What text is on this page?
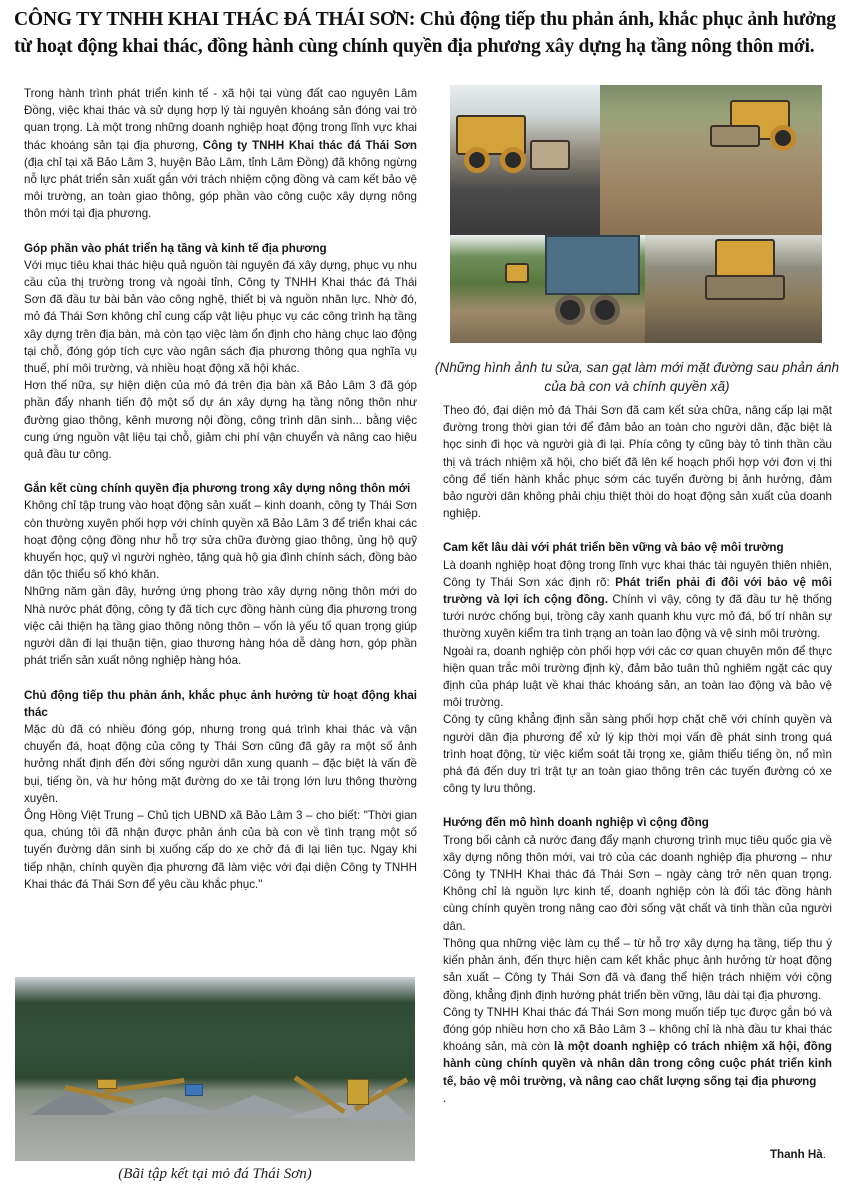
CÔNG TY TNHH KHAI THÁC ĐÁ THÁI SƠN: Chủ động tiếp thu phản ánh, khắc phục ảnh hưởng từ hoạt động khai thác, đồng hành cùng chính quyền địa phương xây dựng hạ tầng nông thôn mới.

Trong hành trình phát triển kinh tế - xã hội tại vùng đất cao nguyên Lâm Đồng, việc khai thác và sử dụng hợp lý tài nguyên khoáng sản đóng vai trò quan trọng. Là một trong những doanh nghiệp hoạt động trong lĩnh vực khai thác khoáng sản tại địa phương, Công ty TNHH Khai thác đá Thái Sơn (địa chỉ tại xã Bảo Lâm 3, huyện Bảo Lâm, tỉnh Lâm Đồng) đã không ngừng nỗ lực phát triển sản xuất gắn với trách nhiệm cộng đồng và cam kết bảo vệ môi trường, an toàn giao thông, góp phần vào công cuộc xây dựng nông thôn mới tại địa phương.

Góp phần vào phát triển hạ tầng và kinh tế địa phương

Với mục tiêu khai thác hiệu quả nguồn tài nguyên đá xây dựng, phục vụ nhu cầu của thị trường trong và ngoài tỉnh, Công ty TNHH Khai thác đá Thái Sơn đã đầu tư bài bản vào công nghệ, thiết bị và nguồn nhân lực. Nhờ đó, mỏ đá Thái Sơn không chỉ cung cấp vật liệu phục vụ các công trình hạ tầng xây dựng trên địa bàn, mà còn tạo việc làm ổn định cho hàng chục lao động tại chỗ, đóng góp tích cực vào ngân sách địa phương thông qua nghĩa vụ thuế, phí môi trường, và nhiều hoạt động xã hội khác.

Hơn thế nữa, sự hiện diện của mỏ đá trên địa bàn xã Bảo Lâm 3 đã góp phần đẩy nhanh tiến độ một số dự án xây dựng hạ tầng nông thôn như đường giao thông, kênh mương nội đồng, công trình dân sinh... bằng việc cung ứng nguồn vật liệu tại chỗ, giảm chi phí vận chuyển và nâng cao hiệu quả đầu tư công.

Gắn kết cùng chính quyền địa phương trong xây dựng nông thôn mới

Không chỉ tập trung vào hoạt động sản xuất – kinh doanh, công ty Thái Sơn còn thường xuyên phối hợp với chính quyền xã Bảo Lâm 3 để triển khai các hoạt động cộng đồng như hỗ trợ sửa chữa đường giao thông, ủng hộ quỹ khuyến học, quỹ vì người nghèo, tặng quà hộ gia đình chính sách, đồng bào dân tộc thiểu số khó khăn.

Những năm gần đây, hưởng ứng phong trào xây dựng nông thôn mới do Nhà nước phát động, công ty đã tích cực đồng hành cùng địa phương trong việc cải thiện hạ tầng giao thông nông thôn – vốn là yếu tố quan trọng giúp người dân đi lại thuận tiện, giao thương hàng hóa dễ dàng hơn, góp phần phát triển sản xuất nông nghiệp hàng hóa.

Chủ động tiếp thu phản ánh, khắc phục ảnh hưởng từ hoạt động khai thác

Mặc dù đã có nhiều đóng góp, nhưng trong quá trình khai thác và vận chuyển đá, hoạt động của công ty Thái Sơn cũng đã gây ra một số ảnh hưởng nhất định đến đời sống người dân xung quanh – đặc biệt là vấn đề bụi, tiếng ồn, và hư hỏng mặt đường do xe tải trọng lớn lưu thông thường xuyên.

Ông Hồng Việt Trung – Chủ tịch UBND xã Bảo Lâm 3 – cho biết: "Thời gian qua, chúng tôi đã nhận được phản ánh của bà con về tình trạng một số tuyến đường dân sinh bị xuống cấp do xe chở đá đi lại liên tục. Ngay khi tiếp nhận, chính quyền địa phương đã làm việc với đại diện Công ty TNHH Khai thác đá Thái Sơn để yêu cầu khắc phục."

(Những hình ảnh tu sửa, san gạt làm mới mặt đường sau phản ánh của bà con và chính quyền xã)

Theo đó, đại diện mỏ đá Thái Sơn đã cam kết sửa chữa, nâng cấp lại mặt đường trong thời gian tới để đảm bảo an toàn cho người dân, đặc biệt là học sinh đi học và người già đi lại. Phía công ty cũng bày tỏ tinh thần cầu thị và trách nhiệm xã hội, cho biết đã lên kế hoạch phối hợp với đơn vị thi công để tiến hành khắc phục sớm các tuyến đường bị ảnh hưởng, đảm bảo người dân không phải chịu thiệt thòi do hoạt động sản xuất của doanh nghiệp.

Cam kết lâu dài với phát triển bền vững và bảo vệ môi trường

Là doanh nghiệp hoạt động trong lĩnh vực khai thác tài nguyên thiên nhiên, Công ty Thái Sơn xác định rõ: Phát triển phải đi đôi với bảo vệ môi trường và lợi ích cộng đồng. Chính vì vậy, công ty đã đầu tư hệ thống tưới nước chống bụi, trồng cây xanh quanh khu vực mỏ đá, bố trí nhân sự thường xuyên kiểm tra tình trạng an toàn lao động và vệ sinh môi trường.

Ngoài ra, doanh nghiệp còn phối hợp với các cơ quan chuyên môn để thực hiện quan trắc môi trường định kỳ, đảm bảo tuân thủ nghiêm ngặt các quy định của pháp luật về khai thác khoáng sản, an toàn lao động và bảo vệ môi trường.

Công ty cũng khẳng định sẵn sàng phối hợp chặt chẽ với chính quyền và người dân địa phương để xử lý kịp thời mọi vấn đề phát sinh trong quá trình hoạt động, từ việc kiểm soát tải trọng xe, giảm thiểu tiếng ồn, nổ mìn phá đá đến duy trì trật tự an toàn giao thông trên các tuyến đường có xe công ty lưu thông.

Hướng đến mô hình doanh nghiệp vì cộng đồng

Trong bối cảnh cả nước đang đẩy mạnh chương trình mục tiêu quốc gia về xây dựng nông thôn mới, vai trò của các doanh nghiệp địa phương – như Công ty TNHH Khai thác đá Thái Sơn – ngày càng trở nên quan trọng. Không chỉ là nguồn lực kinh tế, doanh nghiệp còn là đối tác đồng hành cùng chính quyền trong nâng cao đời sống vật chất và tinh thần của người dân.

Thông qua những việc làm cụ thể – từ hỗ trợ xây dựng hạ tầng, tiếp thu ý kiến phản ánh, đến thực hiện cam kết khắc phục ảnh hưởng từ hoạt động sản xuất – Công ty Thái Sơn đã và đang thể hiện trách nhiệm với cộng đồng, khẳng định định hướng phát triển bền vững, lâu dài tại địa phương.

Công ty TNHH Khai thác đá Thái Sơn mong muốn tiếp tục được gắn bó và đóng góp nhiều hơn cho xã Bảo Lâm 3 – không chỉ là nhà đầu tư khai thác khoáng sản, mà còn là một doanh nghiệp có trách nhiệm xã hội, đồng hành cùng chính quyền và nhân dân trong công cuộc phát triển kinh tế, bảo vệ môi trường, và nâng cao chất lượng sống tại địa phương

.

(Bãi tập kết tại mỏ đá Thái Sơn)
Thanh Hà.
